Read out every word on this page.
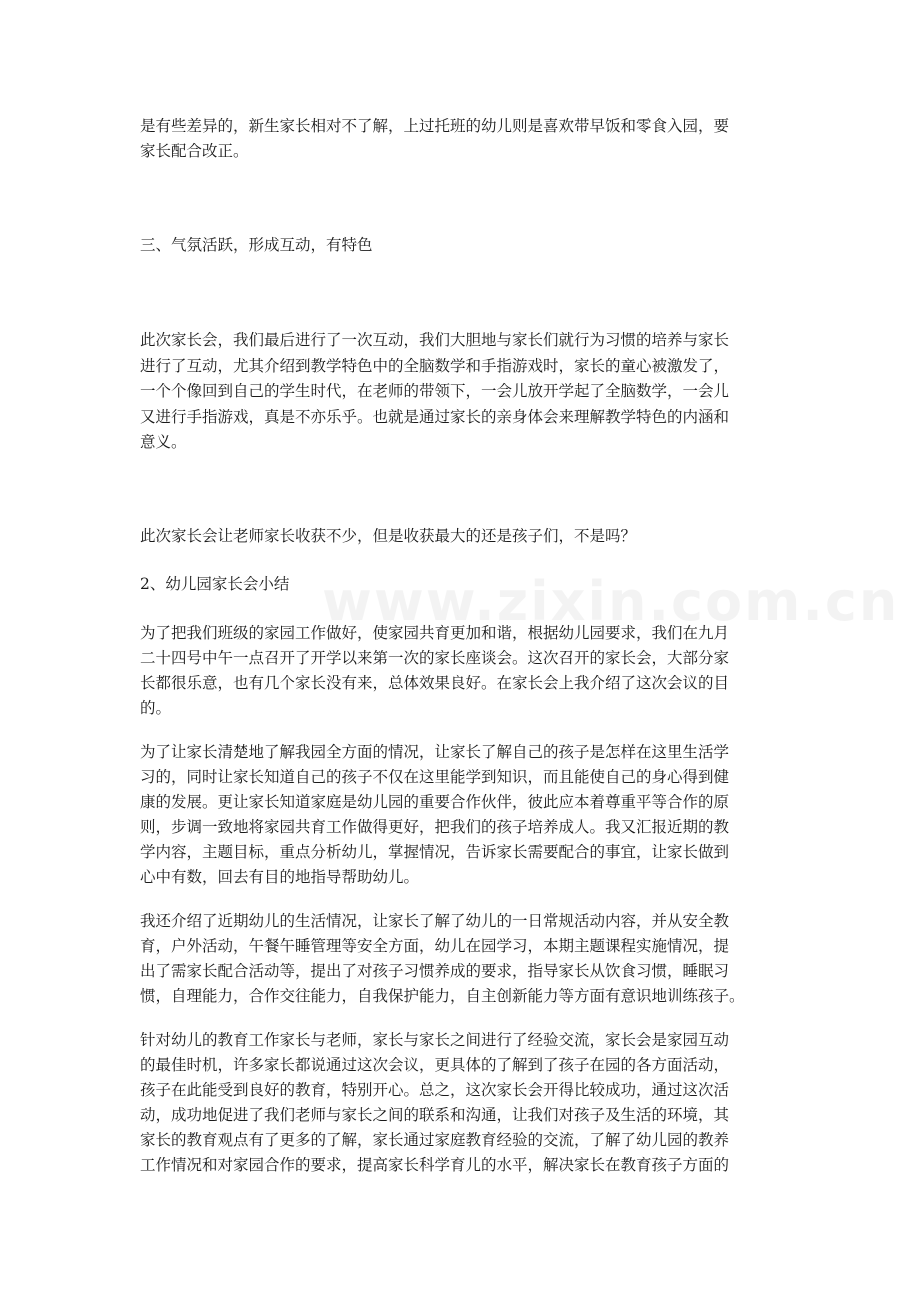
是有些差异的，新生家长相对不了解，上过托班的幼儿则是喜欢带早饭和零食入园，要

家长配合改正。

三、气氛活跃，形成互动，有特色

此次家长会，我们最后进行了一次互动，我们大胆地与家长们就行为习惯的培养与家长

进行了互动，尤其介绍到教学特色中的全脑数学和手指游戏时，家长的童心被激发了，

一个个像回到自己的学生时代，在老师的带领下，一会儿放开学起了全脑数学，一会儿

又进行手指游戏，真是不亦乐乎。也就是通过家长的亲身体会来理解教学特色的内涵和

意义。

此次家长会让老师家长收获不少，但是收获最大的还是孩子们，不是吗？

2、幼儿园家长会小结

为了把我们班级的家园工作做好，使家园共育更加和谐，根据幼儿园要求，我们在九月

二十四号中午一点召开了开学以来第一次的家长座谈会。这次召开的家长会，大部分家

长都很乐意，也有几个家长没有来，总体效果良好。在家长会上我介绍了这次会议的目

的。

为了让家长清楚地了解我园全方面的情况，让家长了解自己的孩子是怎样在这里生活学

习的，同时让家长知道自己的孩子不仅在这里能学到知识，而且能使自己的身心得到健

康的发展。更让家长知道家庭是幼儿园的重要合作伙伴，彼此应本着尊重平等合作的原

则，步调一致地将家园共育工作做得更好，把我们的孩子培养成人。我又汇报近期的教

学内容，主题目标，重点分析幼儿，掌握情况，告诉家长需要配合的事宜，让家长做到

心中有数，回去有目的地指导帮助幼儿。

我还介绍了近期幼儿的生活情况，让家长了解了幼儿的一日常规活动内容，并从安全教

育，户外活动，午餐午睡管理等安全方面，幼儿在园学习，本期主题课程实施情况，提

出了需家长配合活动等，提出了对孩子习惯养成的要求，指导家长从饮食习惯，睡眠习

惯，自理能力，合作交往能力，自我保护能力，自主创新能力等方面有意识地训练孩子。

针对幼儿的教育工作家长与老师，家长与家长之间进行了经验交流，家长会是家园互动

的最佳时机，许多家长都说通过这次会议，更具体的了解到了孩子在园的各方面活动，

孩子在此能受到良好的教育，特别开心。总之，这次家长会开得比较成功，通过这次活

动，成功地促进了我们老师与家长之间的联系和沟通，让我们对孩子及生活的环境，其

家长的教育观点有了更多的了解，家长通过家庭教育经验的交流，了解了幼儿园的教养

工作情况和对家园合作的要求，提高家长科学育儿的水平，解决家长在教育孩子方面的
